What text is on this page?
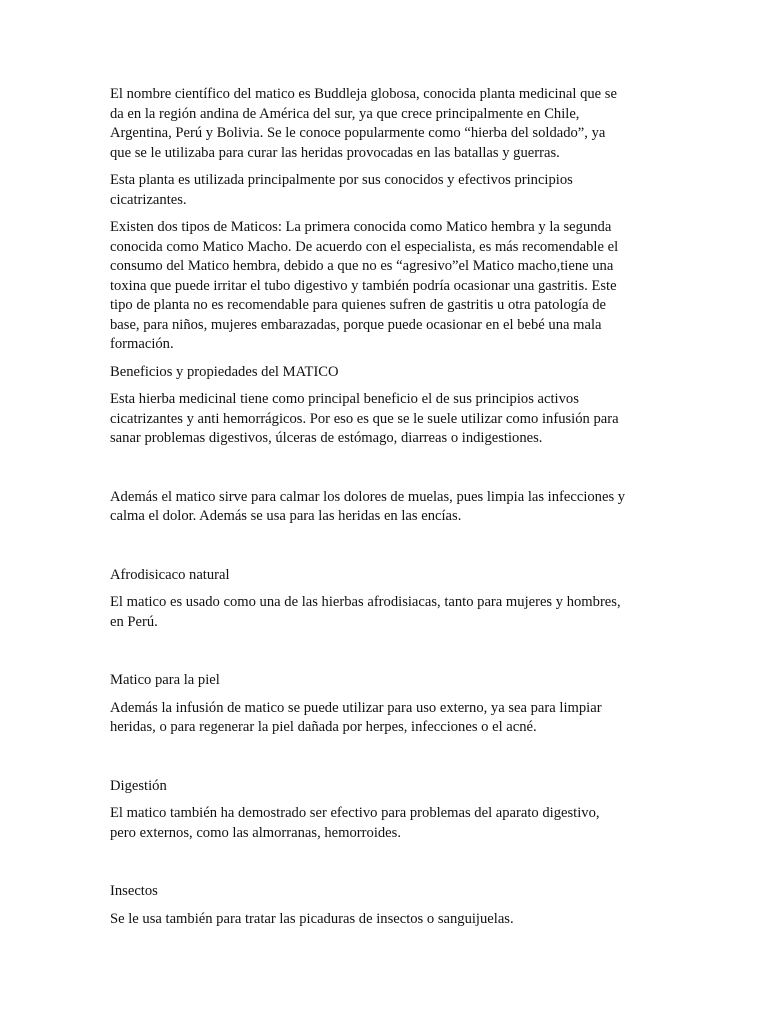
El nombre científico del matico es Buddleja globosa, conocida planta medicinal que se
da en la región andina de América del sur, ya que crece principalmente en Chile,
Argentina, Perú y Bolivia. Se le conoce popularmente como “hierba del soldado”, ya
que se le utilizaba para curar las heridas provocadas en las batallas y guerras.

Esta planta es utilizada principalmente por sus conocidos y efectivos principios
cicatrizantes.

Existen dos tipos de Maticos: La primera conocida como Matico hembra y la segunda
conocida como Matico Macho. De acuerdo con el especialista, es más recomendable el
consumo del Matico hembra, debido a que no es “agresivo”el Matico macho,tiene una
toxina que puede irritar el tubo digestivo y también podría ocasionar una gastritis. Este
tipo de planta no es recomendable para quienes sufren de gastritis u otra patología de
base, para niños, mujeres embarazadas, porque puede ocasionar en el bebé una mala
formación.

Beneficios y propiedades del MATICO

Esta hierba medicinal tiene como principal beneficio el de sus principios activos
cicatrizantes y anti hemorrágicos. Por eso es que se le suele utilizar como infusión para
sanar problemas digestivos, úlceras de estómago, diarreas o indigestiones.

Además el matico sirve para calmar los dolores de muelas, pues limpia las infecciones y
calma el dolor. Además se usa para las heridas en las encías.

Afrodisicaco natural

El matico es usado como una de las hierbas afrodisiacas, tanto para mujeres y hombres,
en Perú.

Matico para la piel

Además la infusión de matico se puede utilizar para uso externo, ya sea para limpiar
heridas, o para regenerar la piel dañada por herpes, infecciones o el acné.

Digestión

El matico también ha demostrado ser efectivo para problemas del aparato digestivo,
pero externos, como las almorranas, hemorroides.

Insectos

Se le usa también para tratar las picaduras de insectos o sanguijuelas.
